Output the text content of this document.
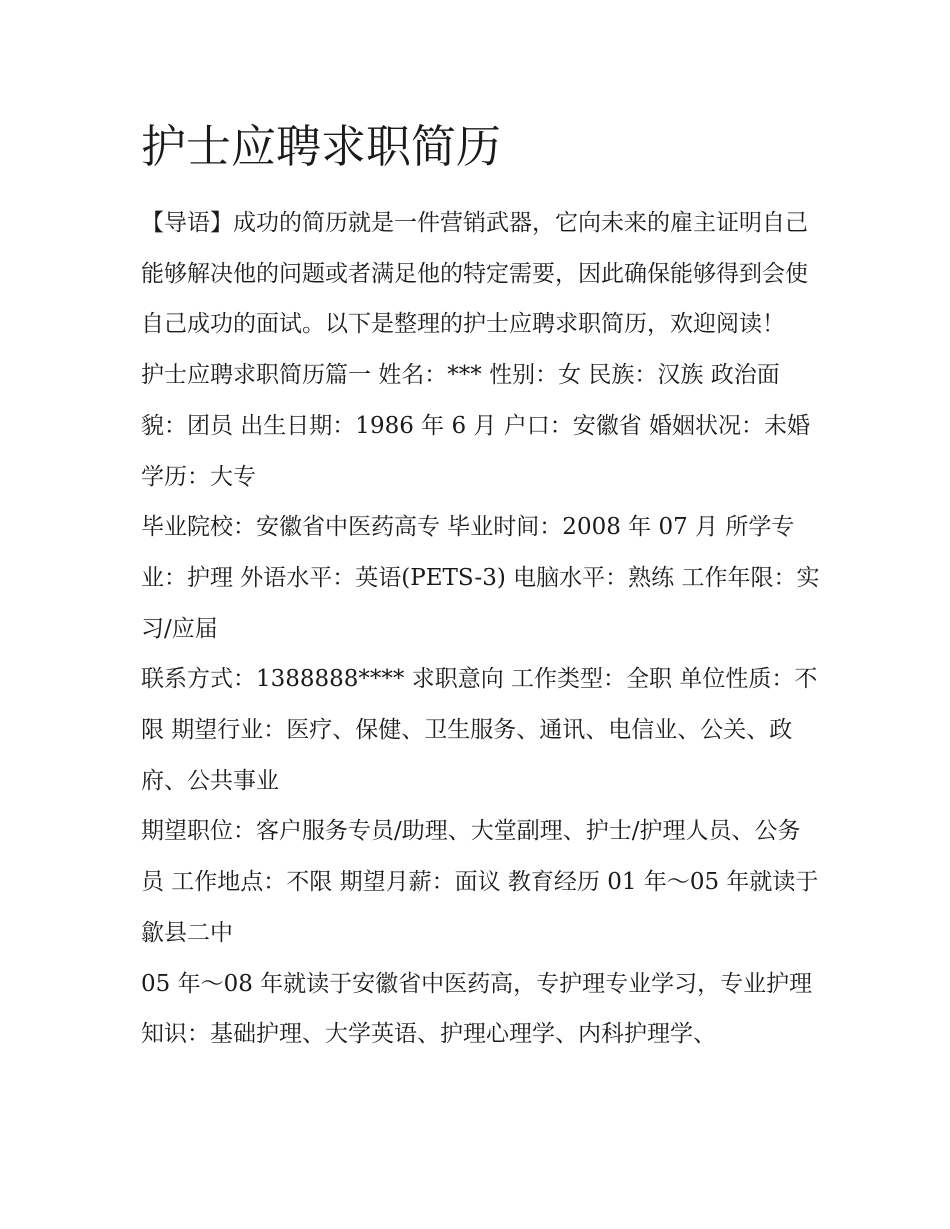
护士应聘求职简历

【导语】成功的简历就是一件营销武器，它向未来的雇主证明自己能够解决他的问题或者满足他的特定需要，因此确保能够得到会使自己成功的面试。以下是整理的护士应聘求职简历，欢迎阅读！

护士应聘求职简历篇一 姓名：*** 性别：女 民族：汉族 政治面貌：团员 出生日期：1986 年 6 月 户口：安徽省 婚姻状况：未婚 学历：大专

毕业院校：安徽省中医药高专 毕业时间：2008 年 07 月 所学专业：护理 外语水平：英语(PETS-3) 电脑水平：熟练 工作年限：实习/应届

联系方式：1388888**** 求职意向 工作类型：全职 单位性质：不限 期望行业：医疗、保健、卫生服务、通讯、电信业、公关、政府、公共事业

期望职位：客户服务专员/助理、大堂副理、护士/护理人员、公务员 工作地点：不限 期望月薪：面议 教育经历 01 年～05 年就读于歙县二中

05 年～08 年就读于安徽省中医药高，专护理专业学习，专业护理知识：基础护理、大学英语、护理心理学、内科护理学、
